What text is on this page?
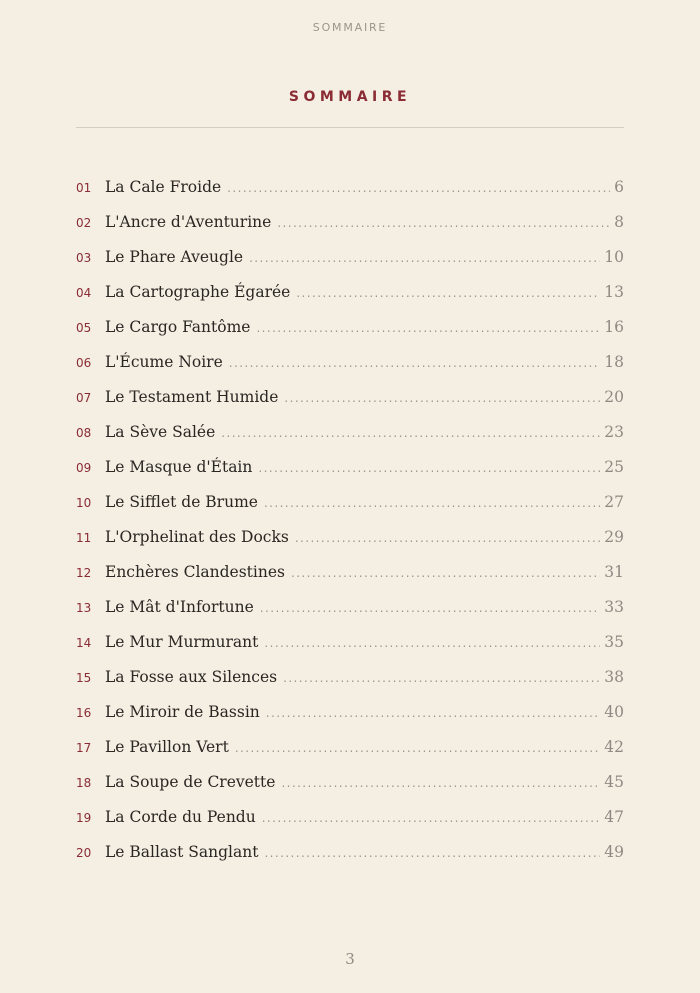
SOMMAIRE
SOMMAIRE
01 La Cale Froide .....	6
02 L'Ancre d'Aventurine .....	8
03 Le Phare Aveugle .....	10
04 La Cartographe Égarée .....	13
05 Le Cargo Fantôme .....	16
06 L'Écume Noire .....	18
07 Le Testament Humide .....	20
08 La Sève Salée .....	23
09 Le Masque d'Étain .....	25
10 Le Sifflet de Brume .....	27
11 L'Orphelinat des Docks .....	29
12 Enchères Clandestines .....	31
13 Le Mât d'Infortune .....	33
14 Le Mur Murmurant .....	35
15 La Fosse aux Silences .....	38
16 Le Miroir de Bassin .....	40
17 Le Pavillon Vert .....	42
18 La Soupe de Crevette .....	45
19 La Corde du Pendu .....	47
20 Le Ballast Sanglant .....	49
3
